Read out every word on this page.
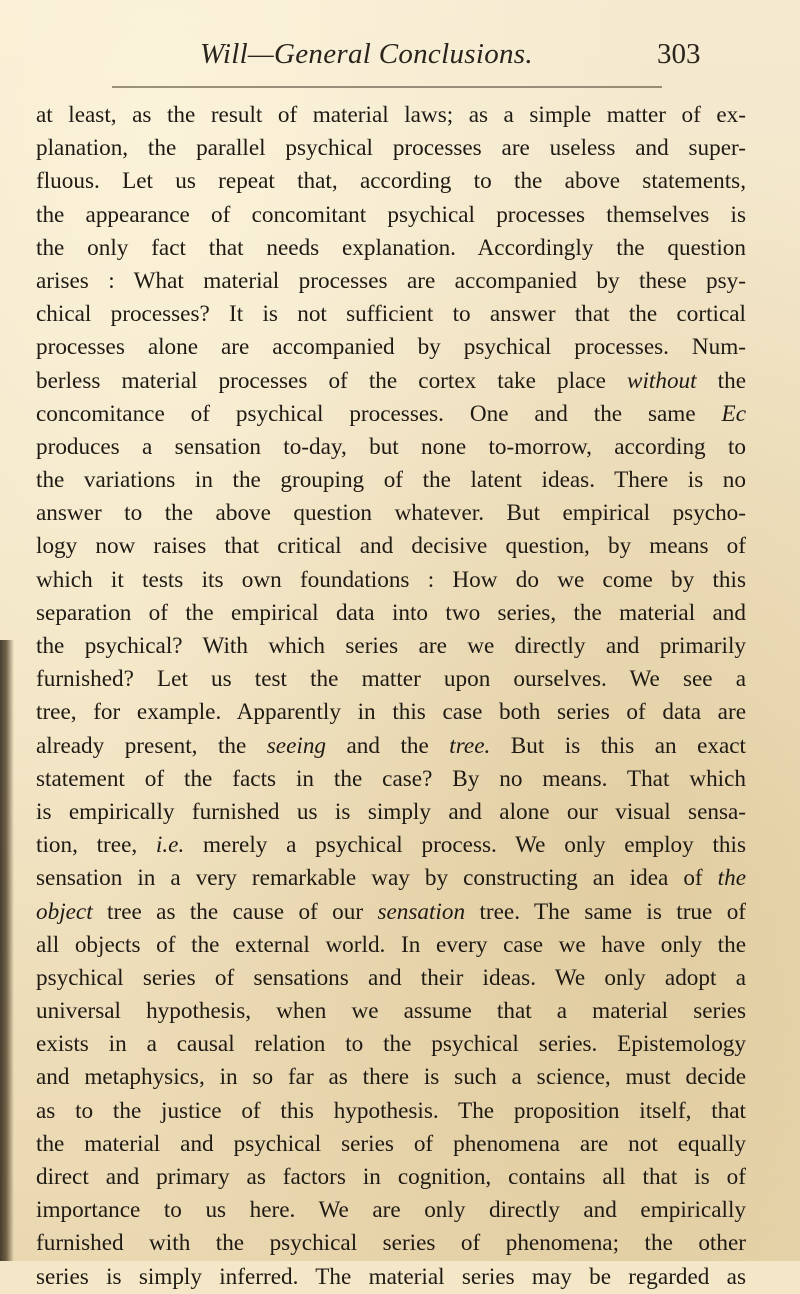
Will—General Conclusions.	303
at least, as the result of material laws; as a simple matter of ex-
planation, the parallel psychical processes are useless and super-
fluous. Let us repeat that, according to the above statements,
the appearance of concomitant psychical processes themselves is
the only fact that needs explanation. Accordingly the question
arises : What material processes are accompanied by these psy-
chical processes? It is not sufficient to answer that the cortical
processes alone are accompanied by psychical processes. Num-
berless material processes of the cortex take place without the
concomitance of psychical processes. One and the same Ec
produces a sensation to-day, but none to-morrow, according to
the variations in the grouping of the latent ideas. There is no
answer to the above question whatever. But empirical psycho-
logy now raises that critical and decisive question, by means of
which it tests its own foundations : How do we come by this
separation of the empirical data into two series, the material and
the psychical? With which series are we directly and primarily
furnished? Let us test the matter upon ourselves. We see a
tree, for example. Apparently in this case both series of data are
already present, the seeing and the tree. But is this an exact
statement of the facts in the case? By no means. That which
is empirically furnished us is simply and alone our visual sensa-
tion, tree, i.e. merely a psychical process. We only employ this
sensation in a very remarkable way by constructing an idea of the
object tree as the cause of our sensation tree. The same is true of
all objects of the external world. In every case we have only the
psychical series of sensations and their ideas. We only adopt a
universal hypothesis, when we assume that a material series
exists in a causal relation to the psychical series. Epistemology
and metaphysics, in so far as there is such a science, must decide
as to the justice of this hypothesis. The proposition itself, that
the material and psychical series of phenomena are not equally
direct and primary as factors in cognition, contains all that is of
importance to us here. We are only directly and empirically
furnished with the psychical series of phenomena; the other
series is simply inferred. The material series may be regarded as
